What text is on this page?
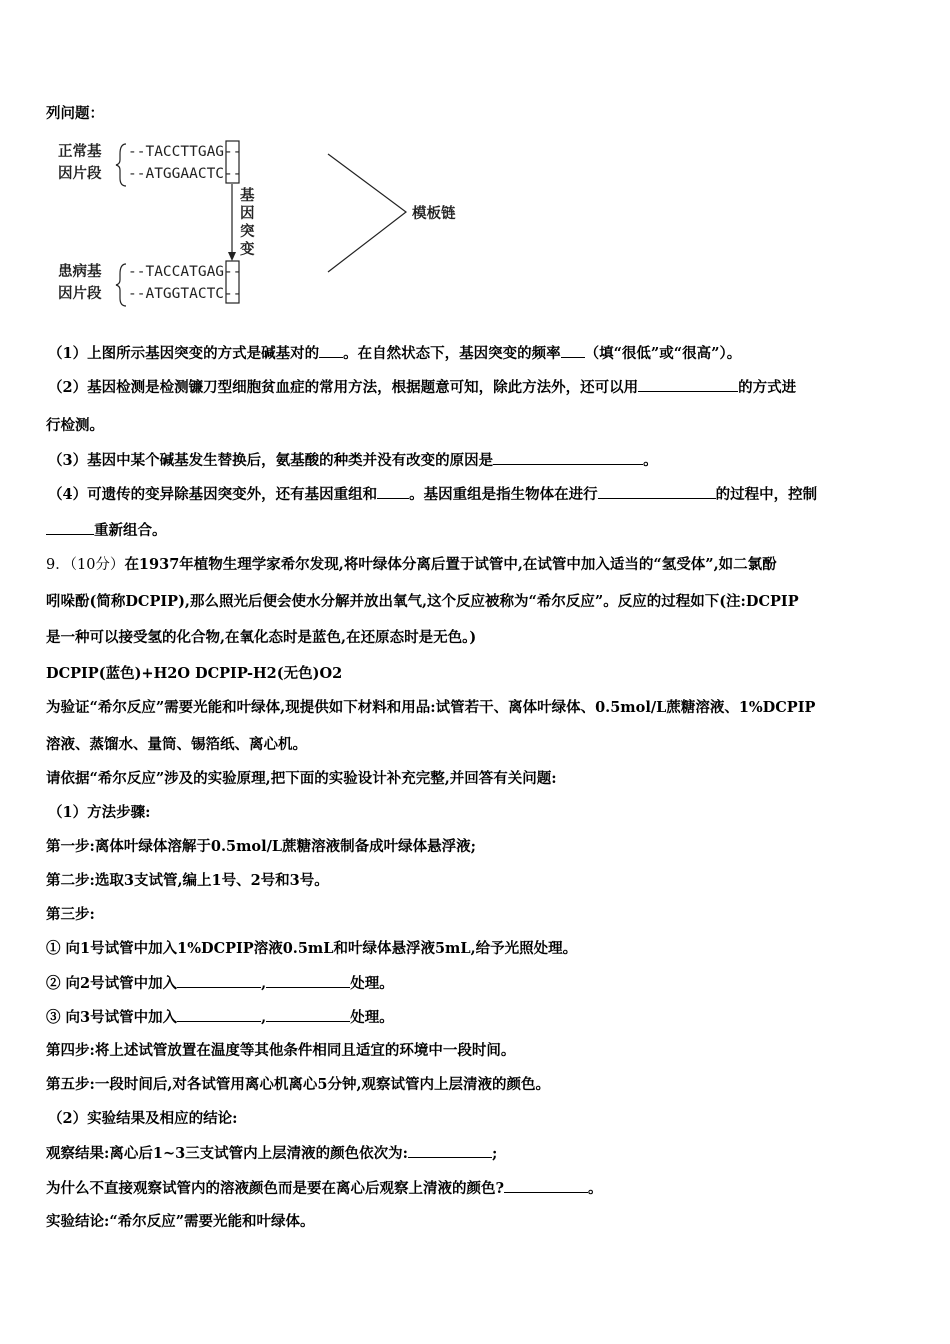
列问题：
正常基
因片段
--TACCTTGAG--
--ATGGAACTC--
基
因
突
变
模板链
患病基
因片段
--TACCATGAG--
--ATGGTACTC--
（1）上图所示基因突变的方式是碱基对的 。在自然状态下，基因突变的频率 （填“很低”或“很高”）。
（2）基因检测是检测镰刀型细胞贫血症的常用方法，根据题意可知，除此方法外，还可以用	的方式进
行检测。
（3）基因中某个碱基发生替换后，氨基酸的种类并没有改变的原因是	。
（4）可遗传的变异除基因突变外，还有基因重组和 。基因重组是指生物体在进行	的过程中，控制
重新组合。
9．（10分）在1937年植物生理学家希尔发现,将叶绿体分离后置于试管中,在试管中加入适当的“氢受体”,如二氯酚
吲哚酚(简称DCPIP),那么照光后便会使水分解并放出氧气,这个反应被称为“希尔反应”。反应的过程如下(注:DCPIP
是一种可以接受氢的化合物,在氧化态时是蓝色,在还原态时是无色。)
DCPIP(蓝色)+H2O DCPIP-H2(无色)O2
为验证“希尔反应”需要光能和叶绿体,现提供如下材料和用品:试管若干、离体叶绿体、0.5mol/L蔗糖溶液、1%DCPIP
溶液、蒸馏水、量筒、锡箔纸、离心机。
请依据“希尔反应”涉及的实验原理,把下面的实验设计补充完整,并回答有关问题:
（1）方法步骤:
第一步:离体叶绿体溶解于0.5mol/L蔗糖溶液制备成叶绿体悬浮液;
第二步:选取3支试管,编上1号、2号和3号。
第三步:
① 向1号试管中加入1%DCPIP溶液0.5mL和叶绿体悬浮液5mL,给予光照处理。
② 向2号试管中加入	,	处理。
③ 向3号试管中加入	,	处理。
第四步:将上述试管放置在温度等其他条件相同且适宜的环境中一段时间。
第五步:一段时间后,对各试管用离心机离心5分钟,观察试管内上层清液的颜色。
（2）实验结果及相应的结论:
观察结果:离心后1~3三支试管内上层清液的颜色依次为:	;
为什么不直接观察试管内的溶液颜色而是要在离心后观察上清液的颜色?	。
实验结论:“希尔反应”需要光能和叶绿体。
